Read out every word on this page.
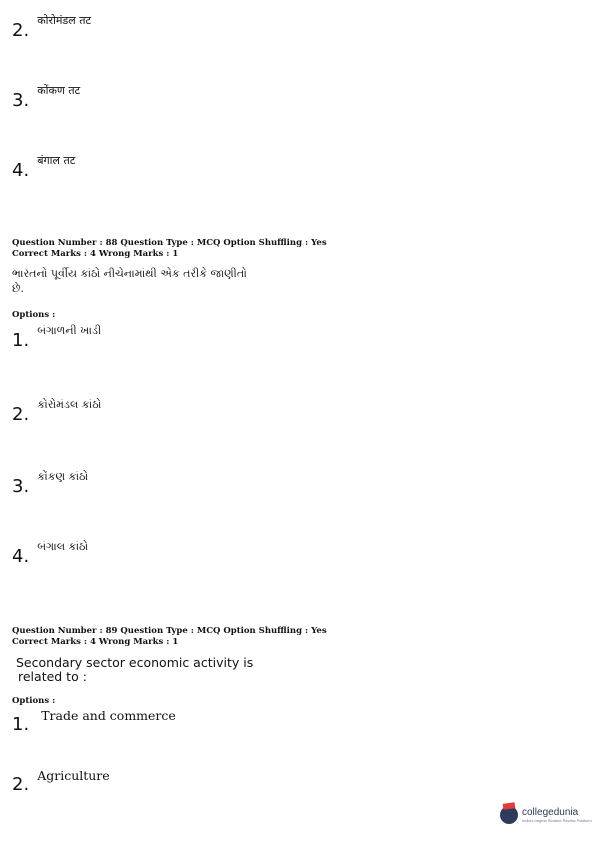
2. कोरोमंडल तट
3. कोंकण तट
4. बंगाल तट
Question Number : 88 Question Type : MCQ Option Shuffling : Yes
Correct Marks : 4 Wrong Marks : 1
ભારતનો પૂર્વીય કાંઠો નીચેનામાંથી એક તરીકે જાણીતો
છે.
Options :
1. બંગાળની ખાડી
2. કોરોમંડલ કાંઠો
3. કોંકણ કાંઠો
4. બંગાલ કાંઠો
Question Number : 89 Question Type : MCQ Option Shuffling : Yes
Correct Marks : 4 Wrong Marks : 1
Secondary sector economic activity is
related to :
Options :
1. Trade and commerce
2. Agriculture
collegedunia
India's largest Student Review Platform
